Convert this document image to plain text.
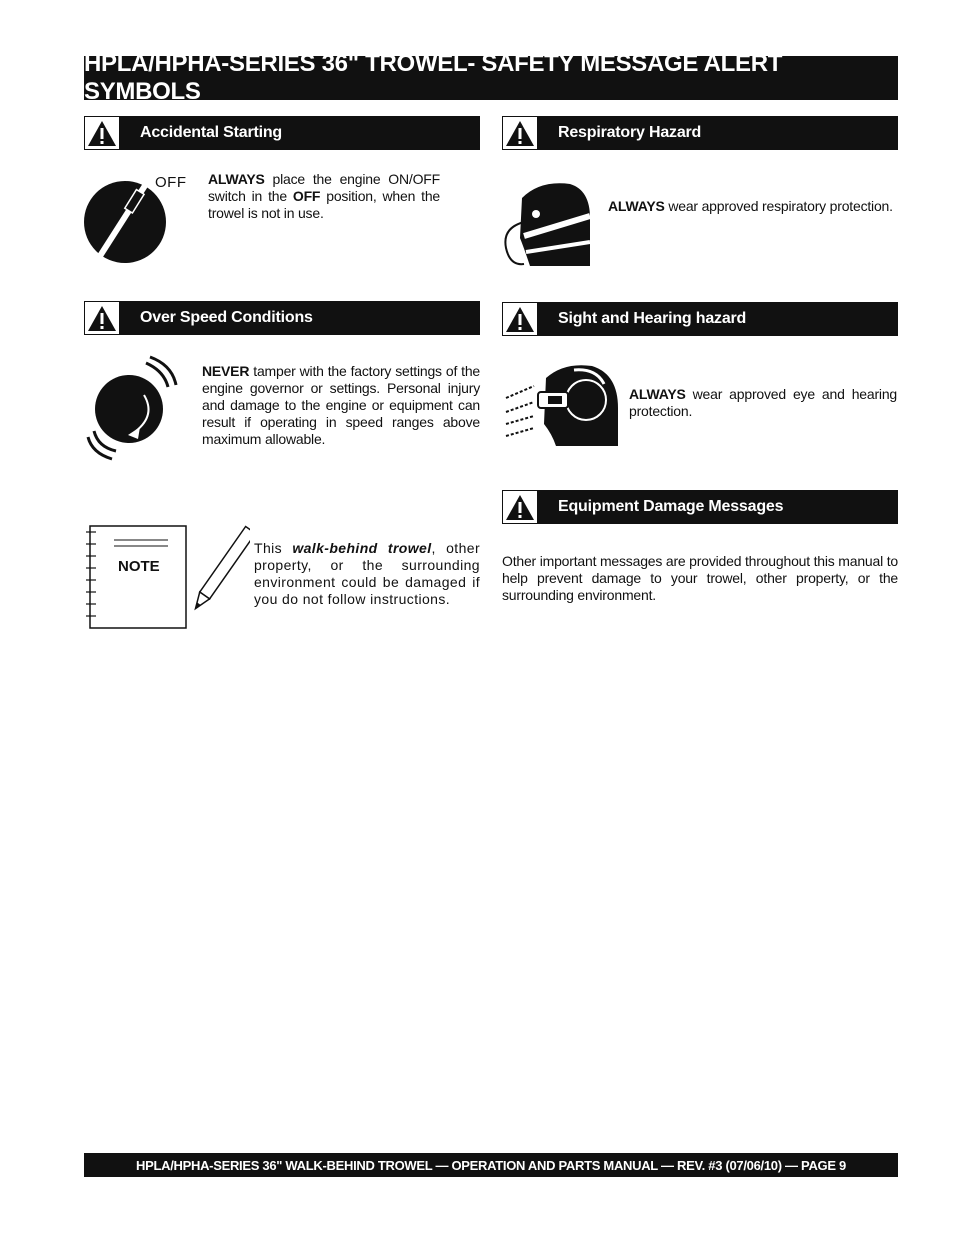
HPLA/HPHA-SERIES 36" TROWEL- SAFETY MESSAGE ALERT SYMBOLS
Accidental Starting	Respiratory Hazard
OFF ALWAYS place the engine ON/OFF switch in the OFF position, when the trowel is not in use.	ALWAYS wear approved respiratory protection.
Over Speed Conditions	Sight and Hearing hazard
NEVER tamper with the factory settings of the engine governor or settings. Personal injury and damage to the engine or equipment can result if operating in speed ranges above maximum allowable.
ALWAYS wear approved eye and hearing protection.
Equipment Damage Messages
Other important messages are provided throughout this manual to help prevent damage to your trowel, other property, or the surrounding environment.
NOTE
This walk-behind trowel, other property, or the surrounding environment could be damaged if you do not follow instructions.
HPLA/HPHA-SERIES 36" WALK-BEHIND TROWEL — OPERATION AND PARTS MANUAL — REV. #3 (07/06/10) — PAGE 9
